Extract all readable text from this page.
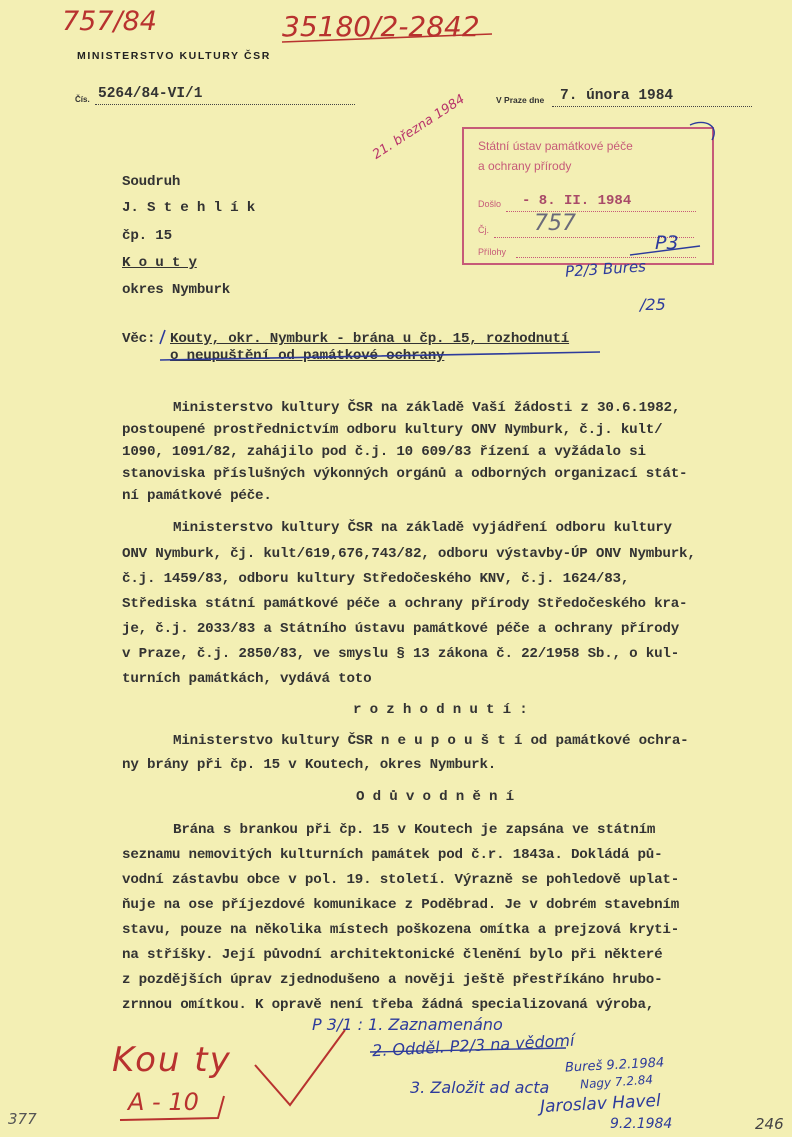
757/84	35180/2-2842
MINISTERSTVO KULTURY ČSR
Čís. 5264/84-VI/1	V Praze dne 7. února 1984
21. března 1984 Státní ústav památkové péče
a ochrany přírody
Došlo - 8. II. 1984
Čj. 757
Přílohy	P3
P2/3 Bures
/25
Soudruh
J. S t e h l í k
čp. 15
K o u t y
okres Nymburk
Věc: Kouty, okr. Nymburk - brána u čp. 15, rozhodnutí
o neupuštění od památkové ochrany
Ministerstvo kultury ČSR na základě Vaší žádosti z 30.6.1982,
postoupené prostřednictvím odboru kultury ONV Nymburk, č.j. kult/
1090, 1091/82, zahájilo pod č.j. 10 609/83 řízení a vyžádalo si
stanoviska příslušných výkonných orgánů a odborných organizací stát-
ní památkové péče.
Ministerstvo kultury ČSR na základě vyjádření odboru kultury
ONV Nymburk, čj. kult/619,676,743/82, odboru výstavby-ÚP ONV Nymburk,
č.j. 1459/83, odboru kultury Středočeského KNV, č.j. 1624/83,
Střediska státní památkové péče a ochrany přírody Středočeského kra-
je, č.j. 2033/83 a Státního ústavu památkové péče a ochrany přírody
v Praze, č.j. 2850/83, ve smyslu § 13 zákona č. 22/1958 Sb., o kul-
turních památkách, vydává toto
r o z h o d n u t í :
Ministerstvo kultury ČSR n e u p o u š t í od památkové ochra-
ny brány při čp. 15 v Koutech, okres Nymburk.
O d ů v o d n ě n í
Brána s brankou při čp. 15 v Koutech je zapsána ve státním
seznamu nemovitých kulturních památek pod č.r. 1843a. Dokládá pů-
vodní zástavbu obce v pol. 19. století. Výrazně se pohledově uplat-
ňuje na ose příjezdové komunikace z Poděbrad. Je v dobrém stavebním
stavu, pouze na několika místech poškozena omítka a prejzová kryti-
na stříšky. Její původní architektonické členění bylo při některé
z pozdějších úprav zjednodušeno a nověji ještě přestříkáno hrubo-
zrnnou omítkou. K opravě není třeba žádná specializovaná výroba,
Kou ty
A - 10
377	246
P 3/1 : 1. Zaznamenáno
2. Odděl. P2/3 na vědomí
Bureš 9.2.1984
Nagy 7.2.84
3. Založit ad acta
Jaroslav Havel
9.2.1984
